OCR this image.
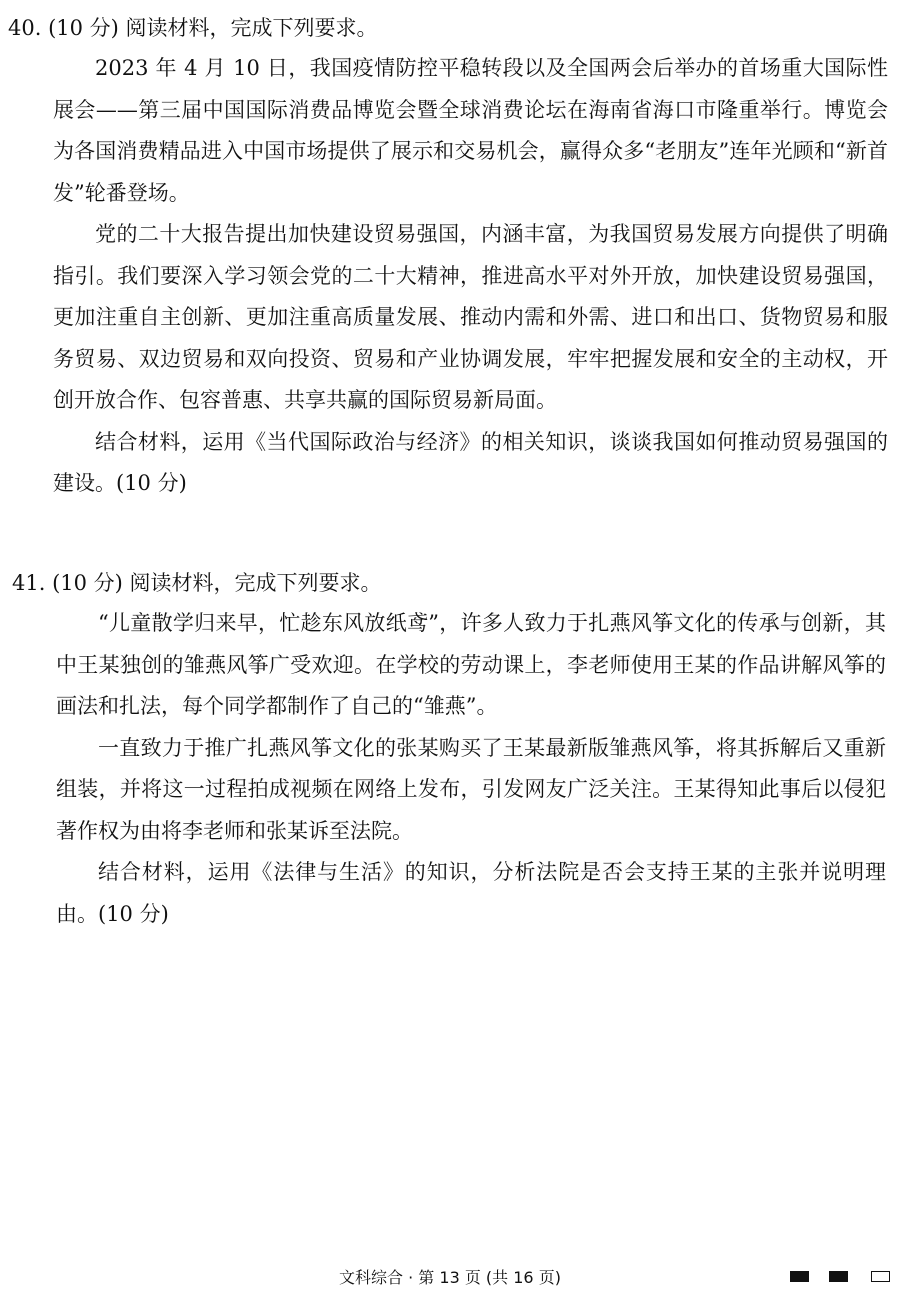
40. (10 分) 阅读材料，完成下列要求。

2023 年 4 月 10 日，我国疫情防控平稳转段以及全国两会后举办的首场重大国际性展会——第三届中国国际消费品博览会暨全球消费论坛在海南省海口市隆重举行。博览会为各国消费精品进入中国市场提供了展示和交易机会，赢得众多“老朋友”连年光顾和“新首发”轮番登场。

党的二十大报告提出加快建设贸易强国，内涵丰富，为我国贸易发展方向提供了明确指引。我们要深入学习领会党的二十大精神，推进高水平对外开放，加快建设贸易强国，更加注重自主创新、更加注重高质量发展、推动内需和外需、进口和出口、货物贸易和服务贸易、双边贸易和双向投资、贸易和产业协调发展，牢牢把握发展和安全的主动权，开创开放合作、包容普惠、共享共赢的国际贸易新局面。

结合材料，运用《当代国际政治与经济》的相关知识，谈谈我国如何推动贸易强国的建设。(10 分)

41. (10 分) 阅读材料，完成下列要求。

“儿童散学归来早，忙趁东风放纸鸢”，许多人致力于扎燕风筝文化的传承与创新，其中王某独创的雏燕风筝广受欢迎。在学校的劳动课上，李老师使用王某的作品讲解风筝的画法和扎法，每个同学都制作了自己的“雏燕”。

一直致力于推广扎燕风筝文化的张某购买了王某最新版雏燕风筝，将其拆解后又重新组装，并将这一过程拍成视频在网络上发布，引发网友广泛关注。王某得知此事后以侵犯著作权为由将李老师和张某诉至法院。

结合材料，运用《法律与生活》的知识，分析法院是否会支持王某的主张并说明理由。(10 分)

文科综合 · 第 13 页 (共 16 页)
